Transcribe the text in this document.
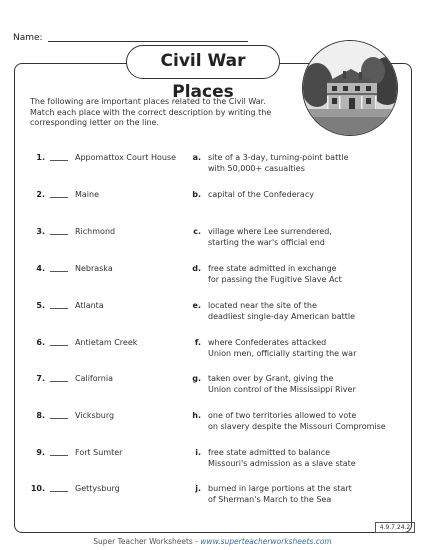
Name:
Civil War Places
The following are important places related to the Civil War. Match each place with the correct description by writing the corresponding letter on the line.
1.	Appomattox Court House	a. site of a 3-day, turning-point battle
with 50,000+ casualties
2.	Maine	b. capital of the Confederacy

3.	Richmond	c. village where Lee surrendered,
starting the war's official end
4.	Nebraska	d. free state admitted in exchange
for passing the Fugitive Slave Act
5.	Atlanta	e. located near the site of the
deadliest single-day American battle
6.	Antietam Creek	f. where Confederates attacked
Union men, officially starting the war
7.	California	g. taken over by Grant, giving the
Union control of the Mississippi River
8.	Vicksburg	h. one of two territories allowed to vote
on slavery despite the Missouri Compromise
9.	Fort Sumter	i. free state admitted to balance
Missouri's admission as a slave state
10.	Gettysburg	j. burned in large portions at the start
of Sherman's March to the Sea
Super Teacher Worksheets - www.superteacherworksheets.com
4.9.7.24.2
